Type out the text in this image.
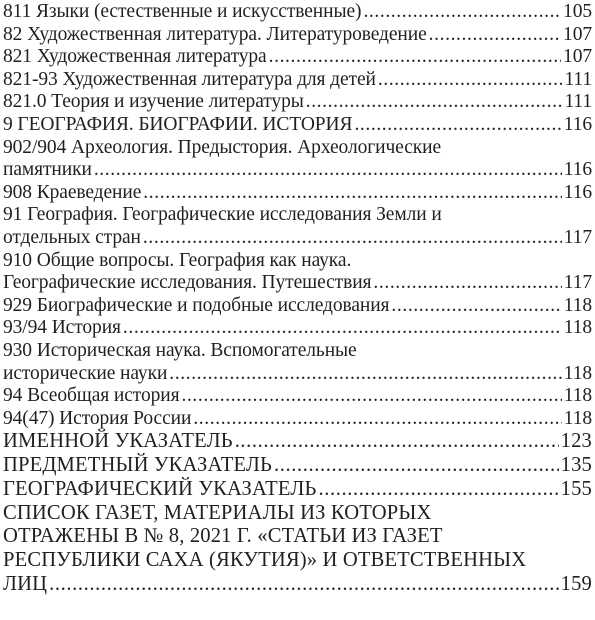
811 Языки (естественные и искусственные) .....	105
82 Художественная литература. Литературоведение .....	107
821 Художественная литература .....	107
821-93 Художественная литература для детей .....	111
821.0 Теория и изучение литературы .....	111
9 ГЕОГРАФИЯ. БИОГРАФИИ. ИСТОРИЯ .....	116
902/904 Археология. Предыстория. Археологические
памятники .....	116
908 Краеведение .....	116
91 География. Географические исследования Земли и
отдельных стран .....	117
910 Общие вопросы. География как наука.
Географические исследования. Путешествия .....	117
929 Биографические и подобные исследования .....	118
93/94 История .....	118
930 Историческая наука. Вспомогательные
исторические науки .....	118
94 Всеобщая история .....	118
94(47) История России .....	118
ИМЕННОЙ УКАЗАТЕЛЬ .....	123
ПРЕДМЕТНЫЙ УКАЗАТЕЛЬ .....	135
ГЕОГРАФИЧЕСКИЙ УКАЗАТЕЛЬ .....	155
СПИСОК ГАЗЕТ, МАТЕРИАЛЫ ИЗ КОТОРЫХ
ОТРАЖЕНЫ В № 8, 2021 Г. «СТАТЬИ ИЗ ГАЗЕТ
РЕСПУБЛИКИ САХА (ЯКУТИЯ)» И ОТВЕТСТВЕННЫХ
ЛИЦ .....	159
